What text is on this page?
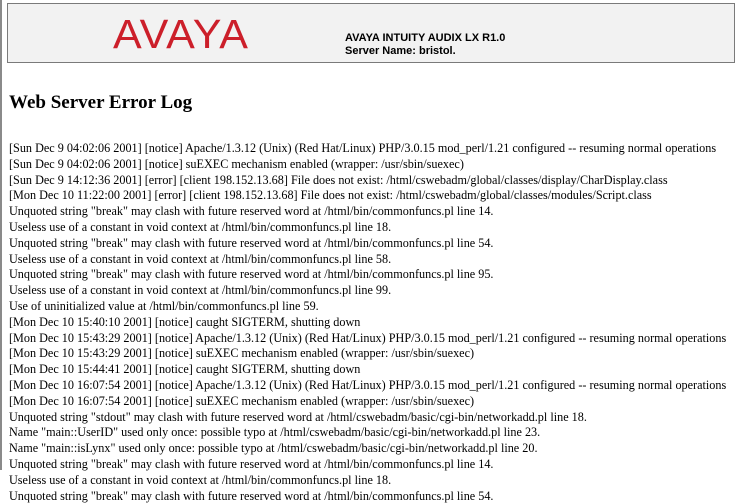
AVAYA	AVAYA INTUITY AUDIX LX R1.0
Server Name: bristol.
Web Server Error Log
[Sun Dec 9 04:02:06 2001] [notice] Apache/1.3.12 (Unix) (Red Hat/Linux) PHP/3.0.15 mod_perl/1.21 configured -- resuming normal operations
[Sun Dec 9 04:02:06 2001] [notice] suEXEC mechanism enabled (wrapper: /usr/sbin/suexec)
[Sun Dec 9 14:12:36 2001] [error] [client 198.152.13.68] File does not exist: /html/cswebadm/global/classes/display/CharDisplay.class
[Mon Dec 10 11:22:00 2001] [error] [client 198.152.13.68] File does not exist: /html/cswebadm/global/classes/modules/Script.class
Unquoted string "break" may clash with future reserved word at /html/bin/commonfuncs.pl line 14.
Useless use of a constant in void context at /html/bin/commonfuncs.pl line 18.
Unquoted string "break" may clash with future reserved word at /html/bin/commonfuncs.pl line 54.
Useless use of a constant in void context at /html/bin/commonfuncs.pl line 58.
Unquoted string "break" may clash with future reserved word at /html/bin/commonfuncs.pl line 95.
Useless use of a constant in void context at /html/bin/commonfuncs.pl line 99.
Use of uninitialized value at /html/bin/commonfuncs.pl line 59.
[Mon Dec 10 15:40:10 2001] [notice] caught SIGTERM, shutting down
[Mon Dec 10 15:43:29 2001] [notice] Apache/1.3.12 (Unix) (Red Hat/Linux) PHP/3.0.15 mod_perl/1.21 configured -- resuming normal operations
[Mon Dec 10 15:43:29 2001] [notice] suEXEC mechanism enabled (wrapper: /usr/sbin/suexec)
[Mon Dec 10 15:44:41 2001] [notice] caught SIGTERM, shutting down
[Mon Dec 10 16:07:54 2001] [notice] Apache/1.3.12 (Unix) (Red Hat/Linux) PHP/3.0.15 mod_perl/1.21 configured -- resuming normal operations
[Mon Dec 10 16:07:54 2001] [notice] suEXEC mechanism enabled (wrapper: /usr/sbin/suexec)
Unquoted string "stdout" may clash with future reserved word at /html/cswebadm/basic/cgi-bin/networkadd.pl line 18.
Name "main::UserID" used only once: possible typo at /html/cswebadm/basic/cgi-bin/networkadd.pl line 23.
Name "main::isLynx" used only once: possible typo at /html/cswebadm/basic/cgi-bin/networkadd.pl line 20.
Unquoted string "break" may clash with future reserved word at /html/bin/commonfuncs.pl line 14.
Useless use of a constant in void context at /html/bin/commonfuncs.pl line 18.
Unquoted string "break" may clash with future reserved word at /html/bin/commonfuncs.pl line 54.
